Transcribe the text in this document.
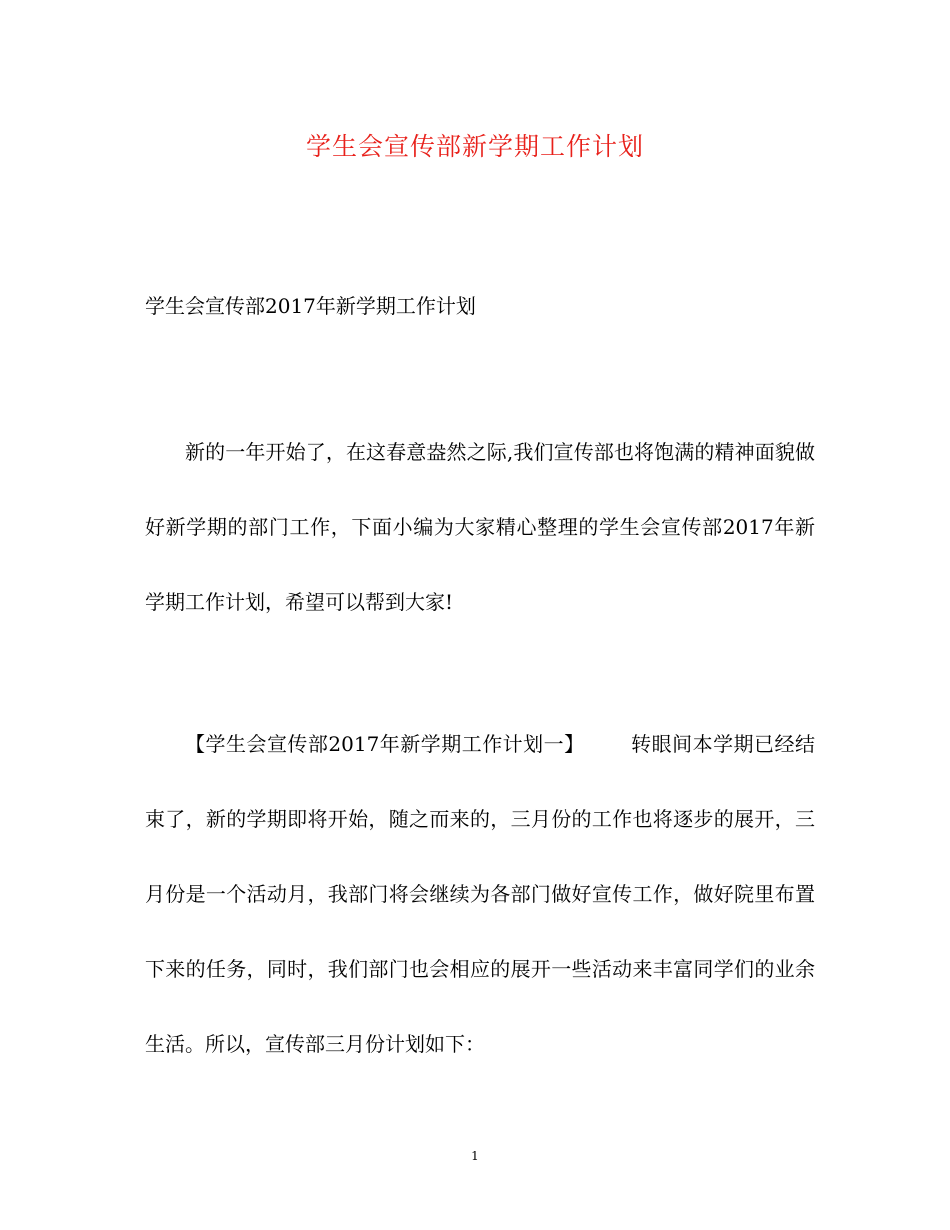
学生会宣传部新学期工作计划
学生会宣传部2017年新学期工作计划

新的一年开始了，在这春意盎然之际,我们宣传部也将饱满的精神面貌做好新学期的部门工作，下面小编为大家精心整理的学生会宣传部2017年新学期工作计划，希望可以帮到大家!

【学生会宣传部2017年新学期工作计划一】 转眼间本学期已经结束了，新的学期即将开始，随之而来的，三月份的工作也将逐步的展开，三月份是一个活动月，我部门将会继续为各部门做好宣传工作，做好院里布置下来的任务，同时，我们部门也会相应的展开一些活动来丰富同学们的业余生活。所以，宣传部三月份计划如下：

1
